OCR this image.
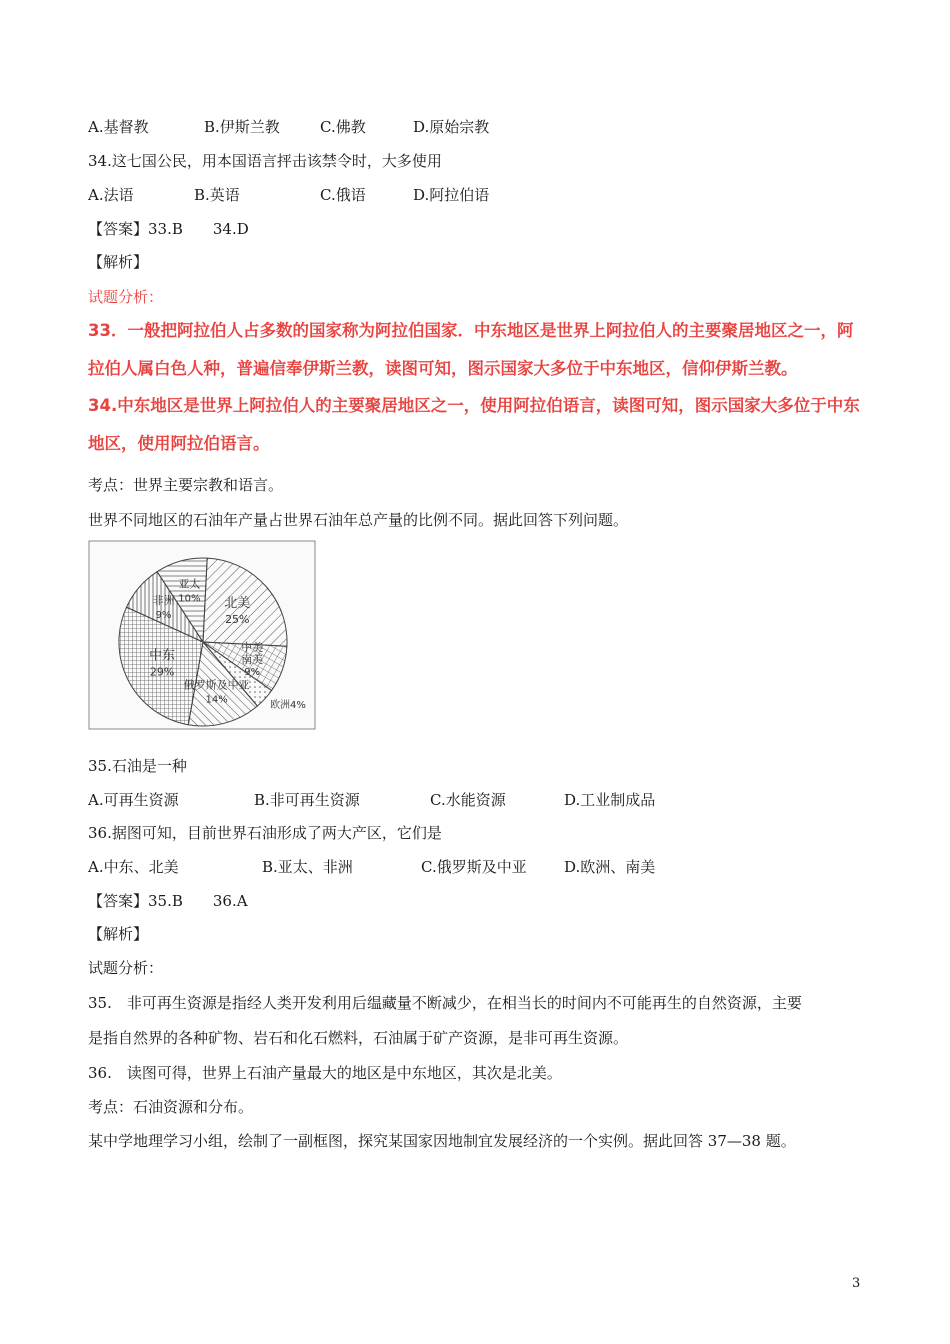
A.基督教	B.伊斯兰教	C.佛教	D.原始宗教
34.这七国公民，用本国语言抨击该禁令时，大多使用
A.法语	B.英语	C.俄语	D.阿拉伯语
【答案】33.B　　34.D
【解析】
试题分析：
33．一般把阿拉伯人占多数的国家称为阿拉伯国家．中东地区是世界上阿拉伯人的主要聚居地区之一，阿
拉伯人属白色人种，普遍信奉伊斯兰教，读图可知，图示国家大多位于中东地区，信仰伊斯兰教。
34.中东地区是世界上阿拉伯人的主要聚居地区之一，使用阿拉伯语言，读图可知，图示国家大多位于中东
地区，使用阿拉伯语言。
考点：世界主要宗教和语言。
世界不同地区的石油年产量占世界石油年总产量的比例不同。据此回答下列问题。
北美
25%
中美
南美
9%
欧洲4%
俄罗斯及中亚
14%
中东
29%
非洲
9%
亚太
10%
35.石油是一种
A.可再生资源	B.非可再生资源	C.水能资源	D.工业制成品
36.据图可知，目前世界石油形成了两大产区，它们是
A.中东、北美	B.亚太、非洲	C.俄罗斯及中亚 D.欧洲、南美
【答案】35.B　　36.A
【解析】
试题分析：
35.　非可再生资源是指经人类开发利用后缊藏量不断减少，在相当长的时间内不可能再生的自然资源，主要
是指自然界的各种矿物、岩石和化石燃料，石油属于矿产资源，是非可再生资源。
36.　读图可得，世界上石油产量最大的地区是中东地区，其次是北美。
考点：石油资源和分布。
某中学地理学习小组，绘制了一副框图，探究某国家因地制宜发展经济的一个实例。据此回答 37—38 题。
3
